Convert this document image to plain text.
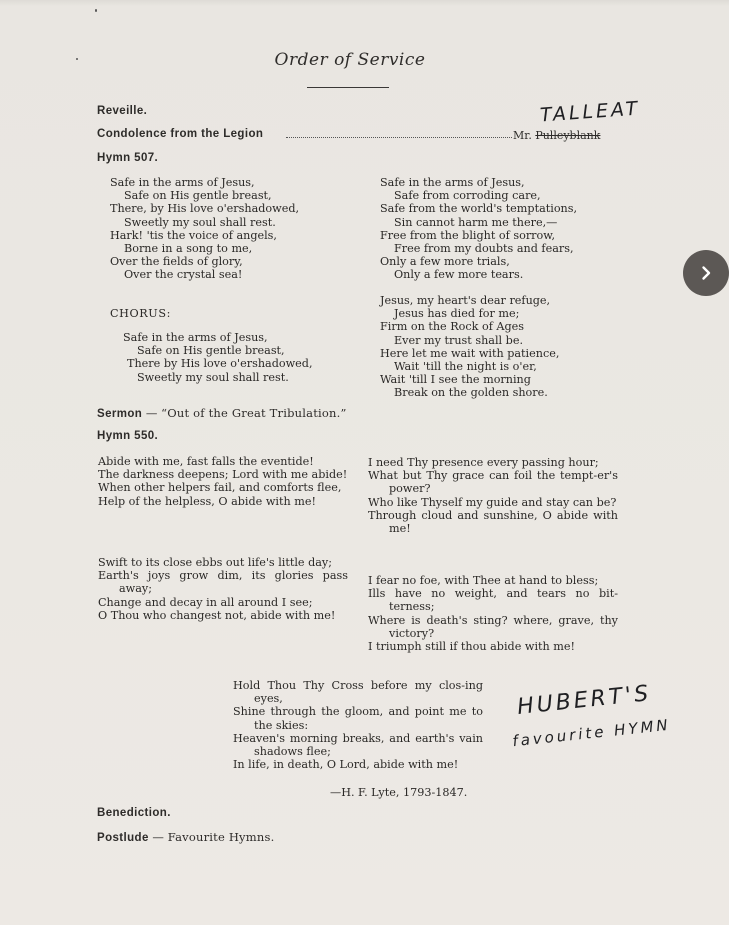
Order of Service
Reveille.
Condolence from the Legion	Mr. Pulleyblank
TALLEAT
Hymn 507.
Safe in the arms of Jesus,
Safe on His gentle breast,
There, by His love o'ershadowed,
Sweetly my soul shall rest.
Hark! 'tis the voice of angels,
Borne in a song to me,
Over the fields of glory,
Over the crystal sea!
CHORUS:
Safe in the arms of Jesus,
Safe on His gentle breast,
There by His love o'ershadowed,
Sweetly my soul shall rest.
Safe in the arms of Jesus,
Safe from corroding care,
Safe from the world's temptations,
Sin cannot harm me there,—
Free from the blight of sorrow,
Free from my doubts and fears,
Only a few more trials,
Only a few more tears.
Jesus, my heart's dear refuge,
Jesus has died for me;
Firm on the Rock of Ages
Ever my trust shall be.
Here let me wait with patience,
Wait 'till the night is o'er,
Wait 'till I see the morning
Break on the golden shore.
Sermon — “Out of the Great Tribulation.”
Hymn 550.
Abide with me, fast falls the eventide!
The darkness deepens; Lord with me abide!
When other helpers fail, and comforts flee,
Help of the helpless, O abide with me!
Swift to its close ebbs out life's little day;
Earth's joys grow dim, its glories pass away;
Change and decay in all around I see;
O Thou who changest not, abide with me!
I need Thy presence every passing hour;
What but Thy grace can foil the tempt-er's power?
Who like Thyself my guide and stay can be?
Through cloud and sunshine, O abide with me!
I fear no foe, with Thee at hand to bless;
Ills have no weight, and tears no bit-terness;
Where is death's sting? where, grave, thy victory?
I triumph still if thou abide with me!
Hold Thou Thy Cross before my clos-ing eyes,
Shine through the gloom, and point me to the skies:
Heaven's morning breaks, and earth's vain shadows flee;
In life, in death, O Lord, abide with me!
—H. F. Lyte, 1793-1847.
HUBERT'S
favourite HYMN
Benediction.
Postlude — Favourite Hymns.
